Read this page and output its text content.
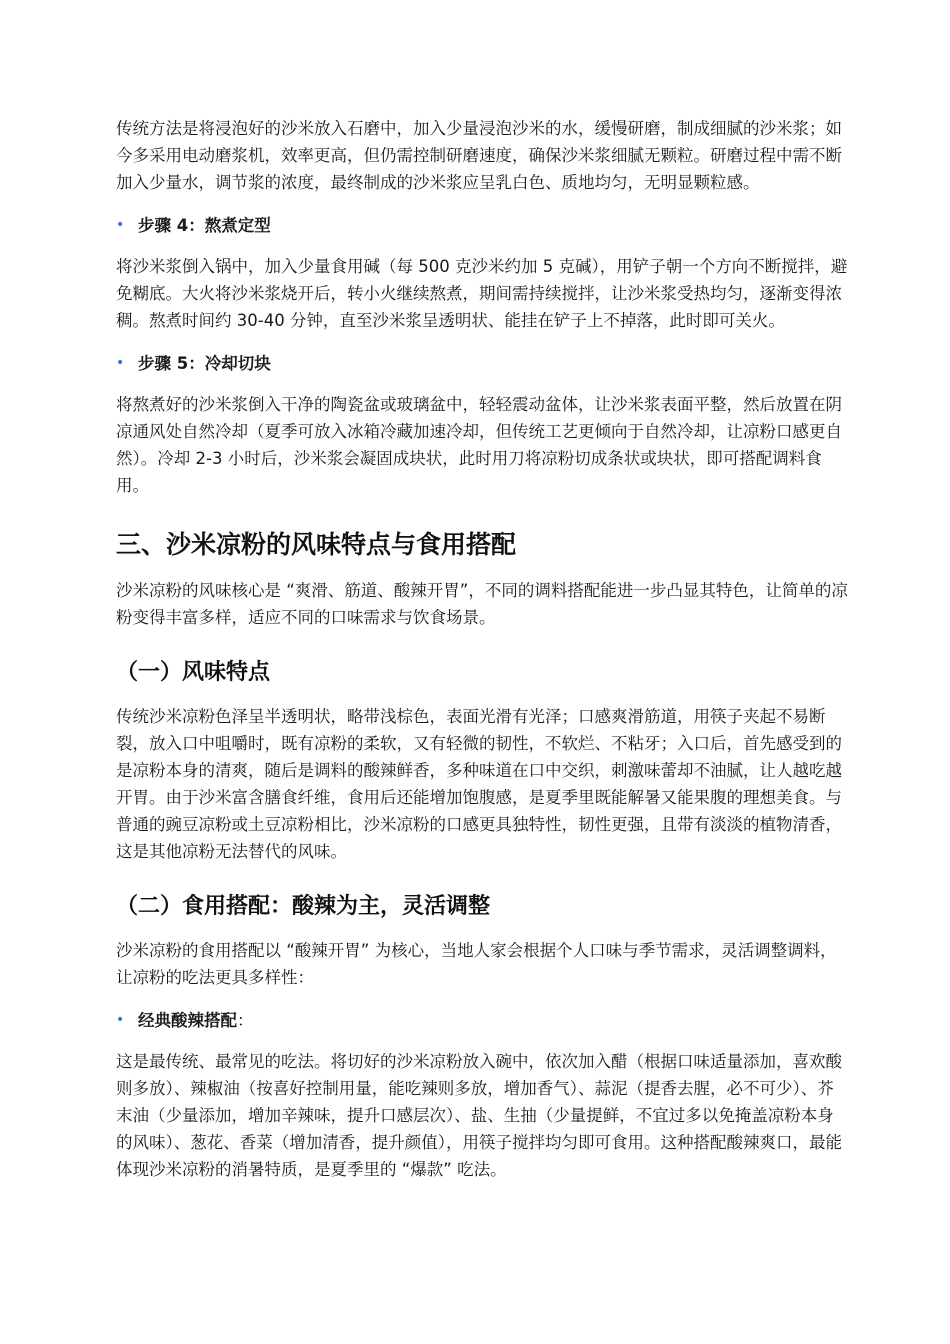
传统方法是将浸泡好的沙米放入石磨中，加入少量浸泡沙米的水，缓慢研磨，制成细腻的沙米浆；如今多采用电动磨浆机，效率更高，但仍需控制研磨速度，确保沙米浆细腻无颗粒。研磨过程中需不断加入少量水，调节浆的浓度，最终制成的沙米浆应呈乳白色、质地均匀，无明显颗粒感。

• 步骤 4：熬煮定型

将沙米浆倒入锅中，加入少量食用碱（每 500 克沙米约加 5 克碱），用铲子朝一个方向不断搅拌，避免糊底。大火将沙米浆烧开后，转小火继续熬煮，期间需持续搅拌，让沙米浆受热均匀，逐渐变得浓稠。熬煮时间约 30-40 分钟，直至沙米浆呈透明状、能挂在铲子上不掉落，此时即可关火。

• 步骤 5：冷却切块

将熬煮好的沙米浆倒入干净的陶瓷盆或玻璃盆中，轻轻震动盆体，让沙米浆表面平整，然后放置在阴凉通风处自然冷却（夏季可放入冰箱冷藏加速冷却，但传统工艺更倾向于自然冷却，让凉粉口感更自然）。冷却 2-3 小时后，沙米浆会凝固成块状，此时用刀将凉粉切成条状或块状，即可搭配调料食用。

三、沙米凉粉的风味特点与食用搭配

沙米凉粉的风味核心是 “爽滑、筋道、酸辣开胃”，不同的调料搭配能进一步凸显其特色，让简单的凉粉变得丰富多样，适应不同的口味需求与饮食场景。

（一）风味特点

传统沙米凉粉色泽呈半透明状，略带浅棕色，表面光滑有光泽；口感爽滑筋道，用筷子夹起不易断裂，放入口中咀嚼时，既有凉粉的柔软，又有轻微的韧性，不软烂、不粘牙；入口后，首先感受到的是凉粉本身的清爽，随后是调料的酸辣鲜香，多种味道在口中交织，刺激味蕾却不油腻，让人越吃越开胃。由于沙米富含膳食纤维，食用后还能增加饱腹感，是夏季里既能解暑又能果腹的理想美食。与普通的豌豆凉粉或土豆凉粉相比，沙米凉粉的口感更具独特性，韧性更强，且带有淡淡的植物清香，这是其他凉粉无法替代的风味。

（二）食用搭配：酸辣为主，灵活调整

沙米凉粉的食用搭配以 “酸辣开胃” 为核心，当地人家会根据个人口味与季节需求，灵活调整调料，让凉粉的吃法更具多样性：

• 经典酸辣搭配 ：

这是最传统、最常见的吃法。将切好的沙米凉粉放入碗中，依次加入醋（根据口味适量添加，喜欢酸则多放）、辣椒油（按喜好控制用量，能吃辣则多放，增加香气）、蒜泥（提香去腥，必不可少）、芥末油（少量添加，增加辛辣味，提升口感层次）、盐、生抽（少量提鲜，不宜过多以免掩盖凉粉本身的风味）、葱花、香菜（增加清香，提升颜值），用筷子搅拌均匀即可食用。这种搭配酸辣爽口，最能体现沙米凉粉的消暑特质，是夏季里的 “爆款” 吃法。
